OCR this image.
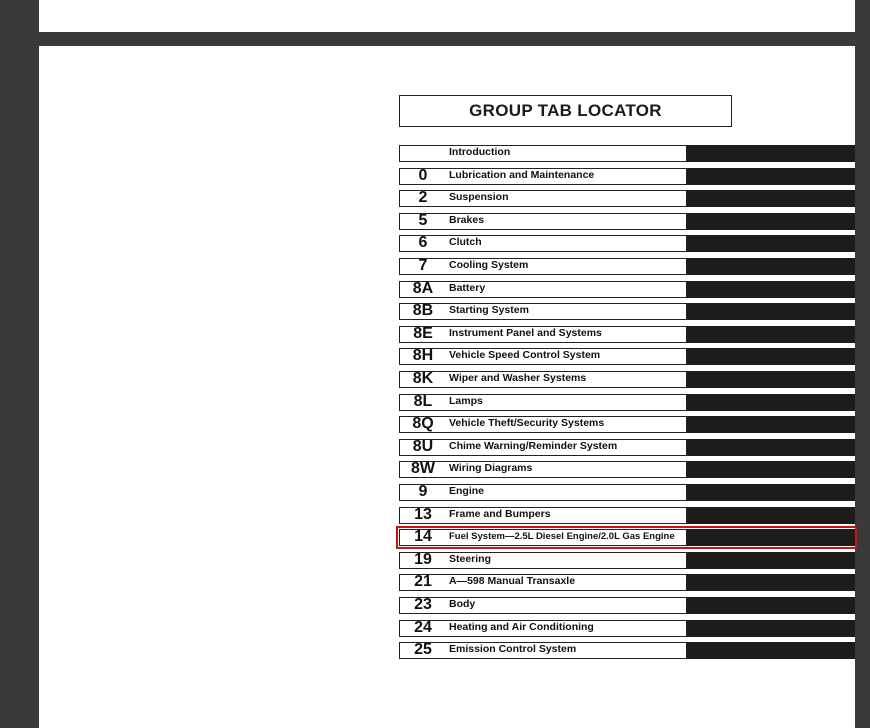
GROUP TAB LOCATOR
Introduction
0	Lubrication and Maintenance
2	Suspension
5	Brakes
6	Clutch
7	Cooling System
8A	Battery
8B	Starting System
8E	Instrument Panel and Systems
8H	Vehicle Speed Control System
8K	Wiper and Washer Systems
8L	Lamps
8Q	Vehicle Theft/Security Systems
8U	Chime Warning/Reminder System
8W	Wiring Diagrams
9	Engine
13	Frame and Bumpers
14	Fuel System—2.5L Diesel Engine/2.0L Gas Engine
19	Steering
21	A—598 Manual Transaxle
23	Body
24	Heating and Air Conditioning
25	Emission Control System
